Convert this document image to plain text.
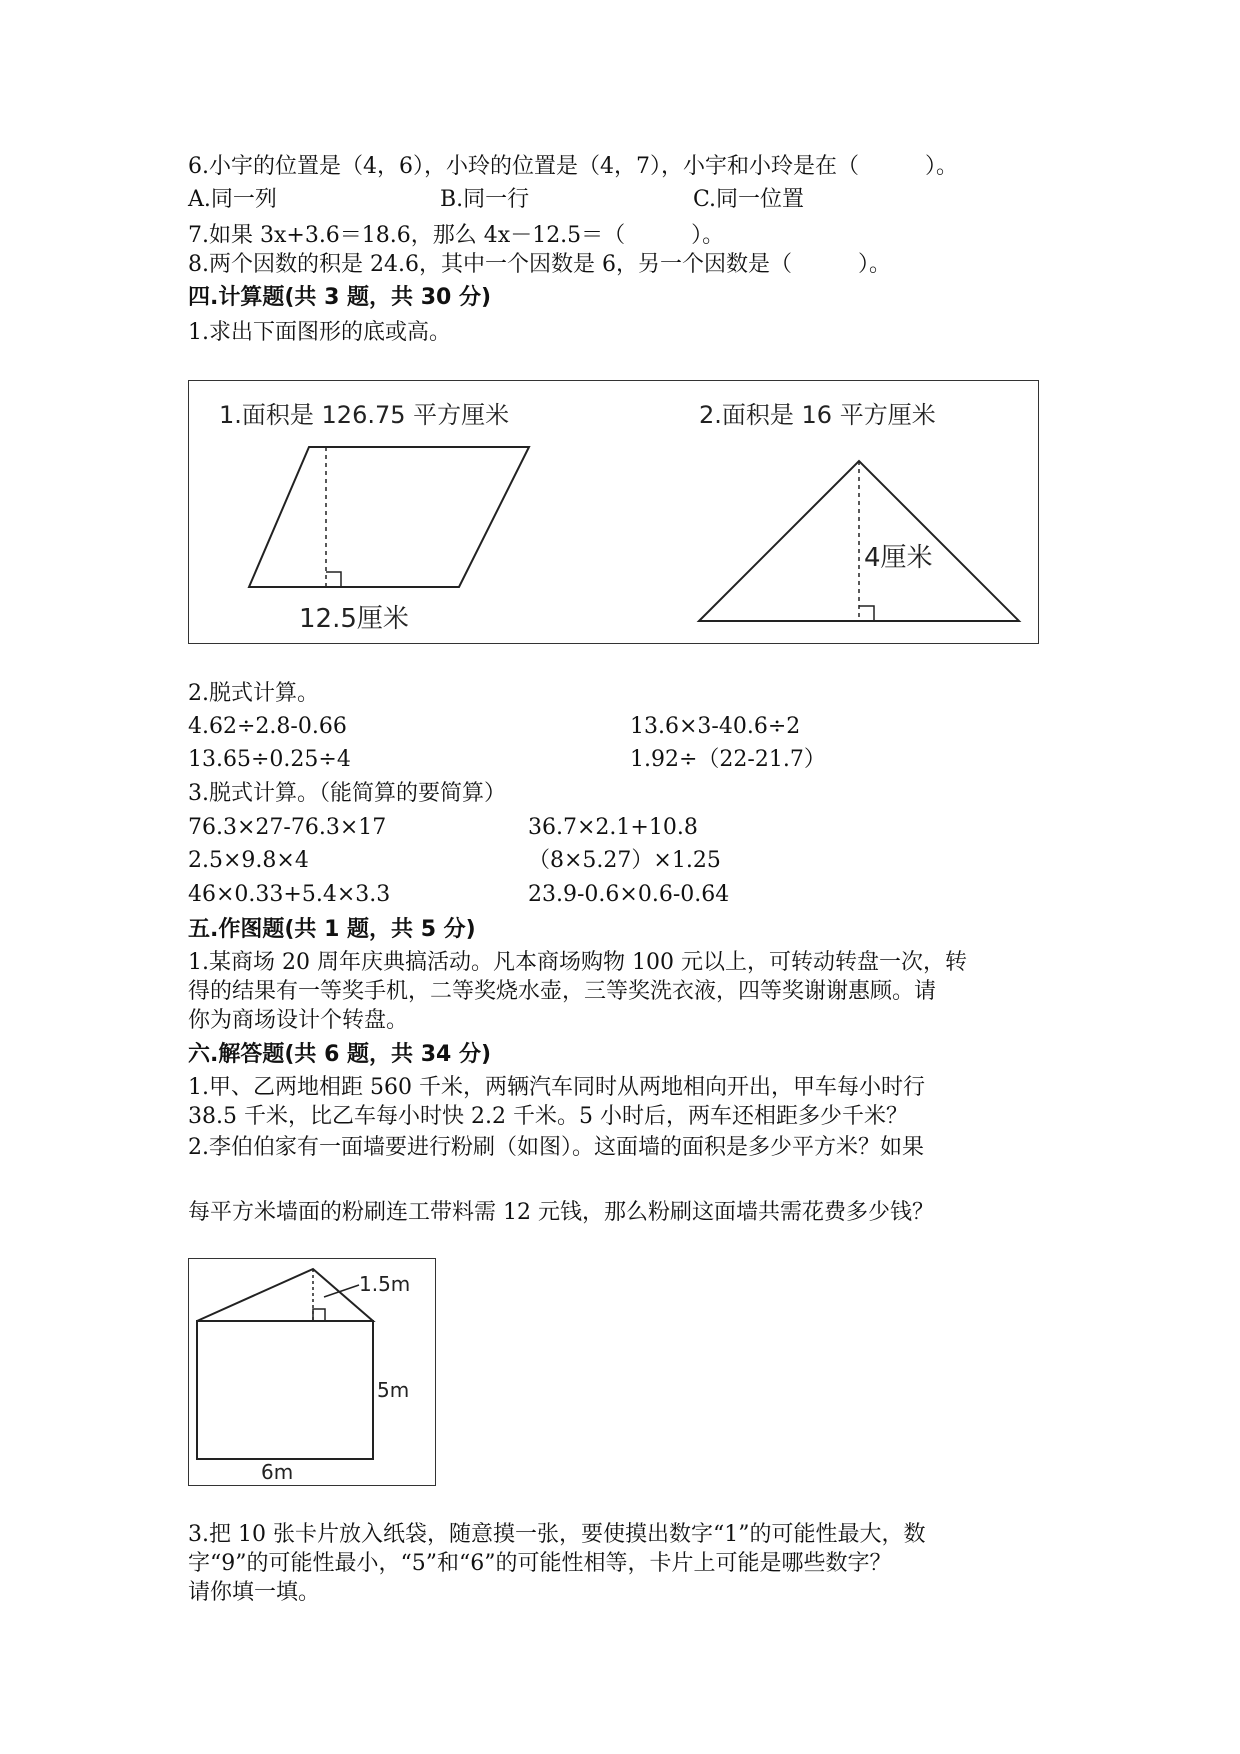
6.小宇的位置是（4，6），小玲的位置是（4，7），小宇和小玲是在（　　　）。
A.同一列	B.同一行	C.同一位置
7.如果 3x+3.6＝18.6，那么 4x－12.5＝（　　　）。
8.两个因数的积是 24.6，其中一个因数是 6，另一个因数是（　　　）。
四.计算题(共 3 题，共 30 分)
1.求出下面图形的底或高。
1.面积是 126.75 平方厘米
12.5厘米
2.面积是 16 平方厘米
4厘米
2.脱式计算。
4.62÷2.8-0.66	13.6×3-40.6÷2
13.65÷0.25÷4	1.92÷（22-21.7）
3.脱式计算。（能简算的要简算）
76.3×27-76.3×17	36.7×2.1+10.8
2.5×9.8×4	（8×5.27）×1.25
46×0.33+5.4×3.3	23.9-0.6×0.6-0.64
五.作图题(共 1 题，共 5 分)
1.某商场 20 周年庆典搞活动。凡本商场购物 100 元以上，可转动转盘一次，转
得的结果有一等奖手机，二等奖烧水壶，三等奖洗衣液，四等奖谢谢惠顾。请
你为商场设计个转盘。
六.解答题(共 6 题，共 34 分)
1.甲、乙两地相距 560 千米，两辆汽车同时从两地相向开出，甲车每小时行
38.5 千米，比乙车每小时快 2.2 千米。5 小时后，两车还相距多少千米？
2.李伯伯家有一面墙要进行粉刷（如图）。这面墙的面积是多少平方米？如果
每平方米墙面的粉刷连工带料需 12 元钱，那么粉刷这面墙共需花费多少钱？
1.5m
5m
6m
3.把 10 张卡片放入纸袋，随意摸一张，要使摸出数字“1”的可能性最大，数
字“9”的可能性最小，“5”和“6”的可能性相等，卡片上可能是哪些数字？
请你填一填。
